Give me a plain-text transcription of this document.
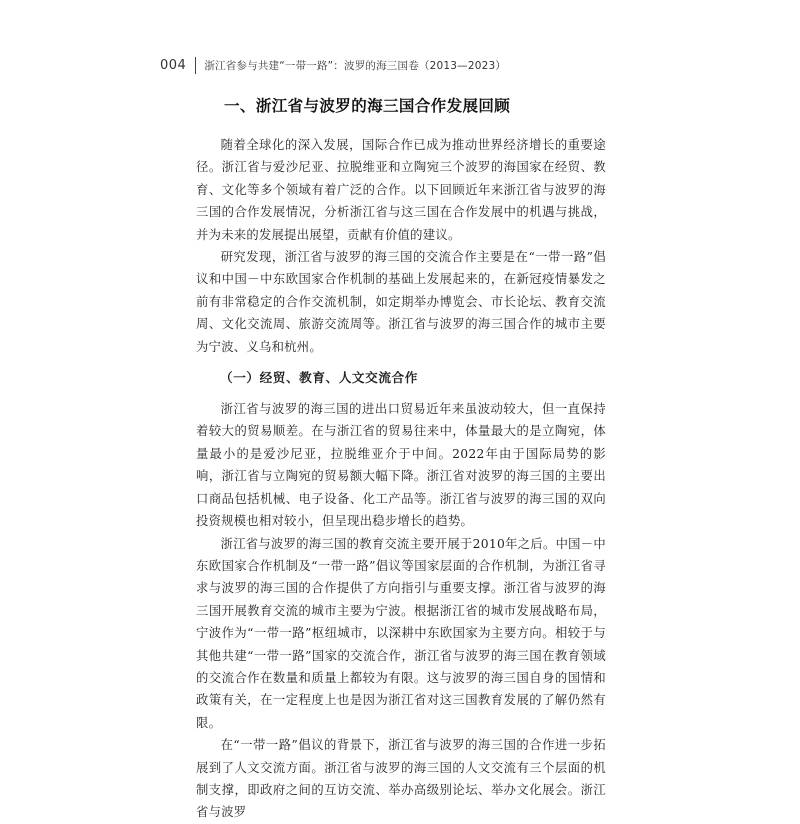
004 浙江省参与共建“一带一路”：波罗的海三国卷（2013—2023）
一、浙江省与波罗的海三国合作发展回顾

随着全球化的深入发展，国际合作已成为推动世界经济增长的重要途径。浙江省与爱沙尼亚、拉脱维亚和立陶宛三个波罗的海国家在经贸、教育、文化等多个领域有着广泛的合作。以下回顾近年来浙江省与波罗的海三国的合作发展情况，分析浙江省与这三国在合作发展中的机遇与挑战，并为未来的发展提出展望，贡献有价值的建议。

研究发现，浙江省与波罗的海三国的交流合作主要是在“一带一路”倡议和中国－中东欧国家合作机制的基础上发展起来的，在新冠疫情暴发之前有非常稳定的合作交流机制，如定期举办博览会、市长论坛、教育交流周、文化交流周、旅游交流周等。浙江省与波罗的海三国合作的城市主要为宁波、义乌和杭州。

（一）经贸、教育、人文交流合作

浙江省与波罗的海三国的进出口贸易近年来虽波动较大，但一直保持着较大的贸易顺差。在与浙江省的贸易往来中，体量最大的是立陶宛，体量最小的是爱沙尼亚，拉脱维亚介于中间。2022年由于国际局势的影响，浙江省与立陶宛的贸易额大幅下降。浙江省对波罗的海三国的主要出口商品包括机械、电子设备、化工产品等。浙江省与波罗的海三国的双向投资规模也相对较小，但呈现出稳步增长的趋势。

浙江省与波罗的海三国的教育交流主要开展于2010年之后。中国－中东欧国家合作机制及“一带一路”倡议等国家层面的合作机制，为浙江省寻求与波罗的海三国的合作提供了方向指引与重要支撑。浙江省与波罗的海三国开展教育交流的城市主要为宁波。根据浙江省的城市发展战略布局，宁波作为“一带一路”枢纽城市，以深耕中东欧国家为主要方向。相较于与其他共建“一带一路”国家的交流合作，浙江省与波罗的海三国在教育领域的交流合作在数量和质量上都较为有限。这与波罗的海三国自身的国情和政策有关，在一定程度上也是因为浙江省对这三国教育发展的了解仍然有限。

在“一带一路”倡议的背景下，浙江省与波罗的海三国的合作进一步拓展到了人文交流方面。浙江省与波罗的海三国的人文交流有三个层面的机制支撑，即政府之间的互访交流、举办高级别论坛、举办文化展会。浙江省与波罗
